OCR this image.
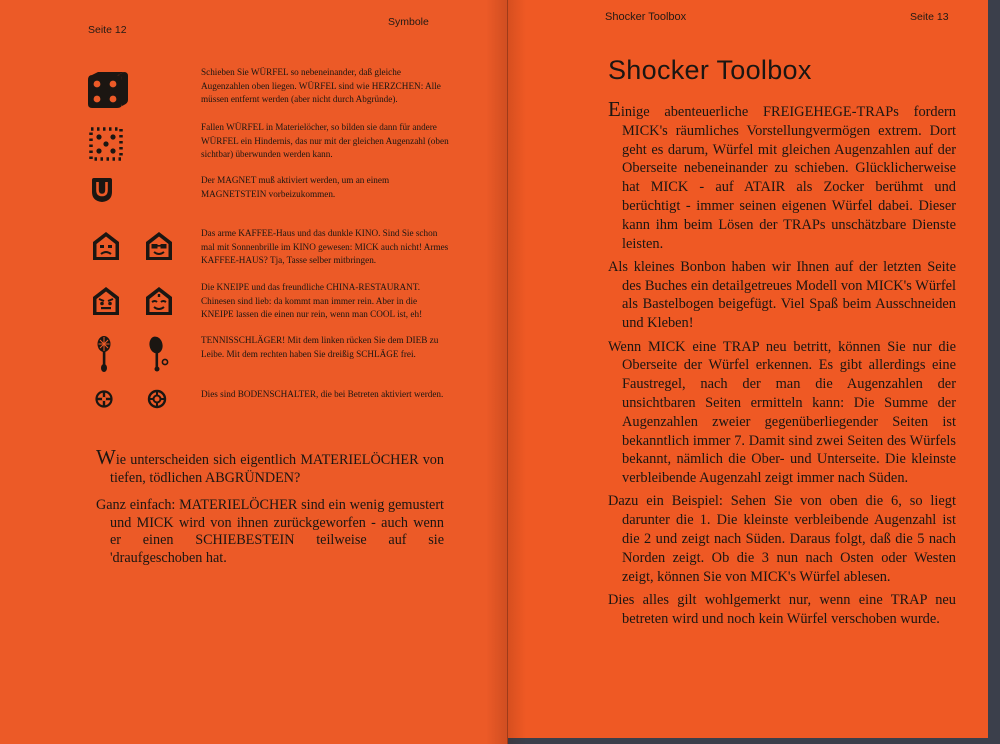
Seite 12
Symbole
Schieben Sie WÜRFEL so nebeneinander, daß gleiche Augenzahlen oben liegen. WÜRFEL sind wie HERZCHEN: Alle müssen entfernt werden (aber nicht durch Abgründe).
Fallen WÜRFEL in Materielöcher, so bilden sie dann für andere WÜRFEL ein Hindernis, das nur mit der gleichen Augenzahl (oben sichtbar) überwunden werden kann.
Der MAGNET muß aktiviert werden, um an einem MAGNETSTEIN vorbeizukommen.
Das arme KAFFEE-Haus und das dunkle KINO. Sind Sie schon mal mit Sonnenbrille im KINO gewesen: MICK auch nicht! Armes KAFFEE-HAUS? Tja, Tasse selber mitbringen.
Die KNEIPE und das freundliche CHINA-RESTAURANT. Chinesen sind lieb: da kommt man immer rein. Aber in die KNEIPE lassen die einen nur rein, wenn man COOL ist, eh!
TENNISSCHLÄGER! Mit dem linken rücken Sie dem DIEB zu Leibe. Mit dem rechten haben Sie dreißig SCHLÄGE frei.
Dies sind BODENSCHALTER, die bei Betreten aktiviert werden.

Wie unterscheiden sich eigentlich MATERIELÖCHER von tiefen, tödlichen ABGRÜNDEN?

Ganz einfach: MATERIELÖCHER sind ein wenig gemustert und MICK wird von ihnen zurückgeworfen - auch wenn er einen SCHIEBESTEIN teilweise auf sie 'draufgeschoben hat.

Shocker Toolbox	Seite 13
Shocker Toolbox

Einige abenteuerliche FREIGEHEGE-TRAPs fordern MICK's räumliches Vorstellungvermögen extrem. Dort geht es darum, Würfel mit gleichen Augenzahlen auf der Oberseite nebeneinander zu schieben. Glücklicherweise hat MICK - auf ATAIR als Zocker berühmt und berüchtigt - immer seinen eigenen Würfel dabei. Dieser kann ihm beim Lösen der TRAPs unschätzbare Dienste leisten.

Als kleines Bonbon haben wir Ihnen auf der letzten Seite des Buches ein detailgetreues Modell von MICK's Würfel als Bastelbogen beigefügt. Viel Spaß beim Ausschneiden und Kleben!

Wenn MICK eine TRAP neu betritt, können Sie nur die Oberseite der Würfel erkennen. Es gibt allerdings eine Faustregel, nach der man die Augenzahlen der unsichtbaren Seiten ermitteln kann: Die Summe der Augenzahlen zweier gegenüberliegender Seiten ist bekanntlich immer 7. Damit sind zwei Seiten des Würfels bekannt, nämlich die Ober- und Unterseite. Die kleinste verbleibende Augenzahl zeigt immer nach Süden.

Dazu ein Beispiel: Sehen Sie von oben die 6, so liegt darunter die 1. Die kleinste verbleibende Augenzahl ist die 2 und zeigt nach Süden. Daraus folgt, daß die 5 nach Norden zeigt. Ob die 3 nun nach Osten oder Westen zeigt, können Sie von MICK's Würfel ablesen.

Dies alles gilt wohlgemerkt nur, wenn eine TRAP neu betreten wird und noch kein Würfel verschoben wurde.
